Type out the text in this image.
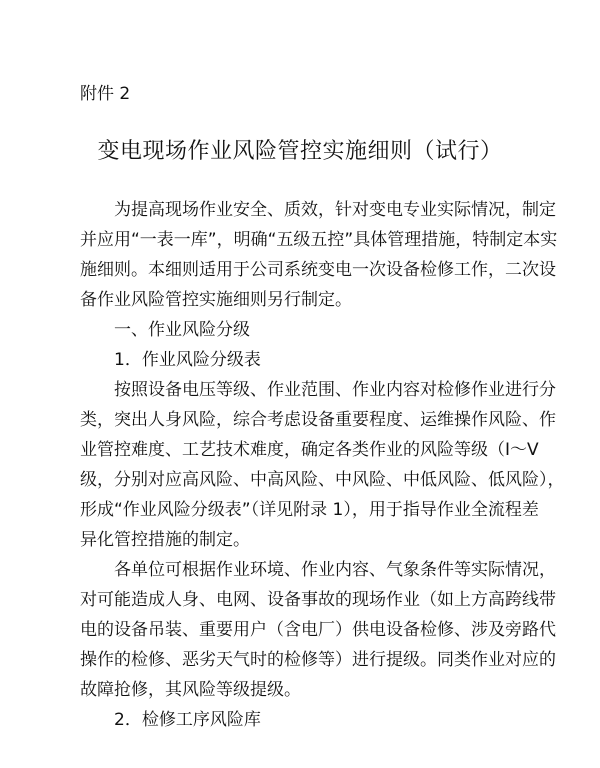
附件 2
变电现场作业风险管控实施细则（试行）
为提高现场作业安全、质效，针对变电专业实际情况，制定
并应用“一表一库”，明确“五级五控”具体管理措施，特制定本实
施细则。本细则适用于公司系统变电一次设备检修工作，二次设
备作业风险管控实施细则另行制定。
一、作业风险分级
1．作业风险分级表
按照设备电压等级、作业范围、作业内容对检修作业进行分
类，突出人身风险，综合考虑设备重要程度、运维操作风险、作
业管控难度、工艺技术难度，确定各类作业的风险等级（Ⅰ～Ⅴ
级，分别对应高风险、中高风险、中风险、中低风险、低风险），
形成“作业风险分级表”（详见附录 1），用于指导作业全流程差
异化管控措施的制定。
各单位可根据作业环境、作业内容、气象条件等实际情况，
对可能造成人身、电网、设备事故的现场作业（如上方高跨线带
电的设备吊装、重要用户（含电厂）供电设备检修、涉及旁路代
操作的检修、恶劣天气时的检修等）进行提级。同类作业对应的
故障抢修，其风险等级提级。
2．检修工序风险库
